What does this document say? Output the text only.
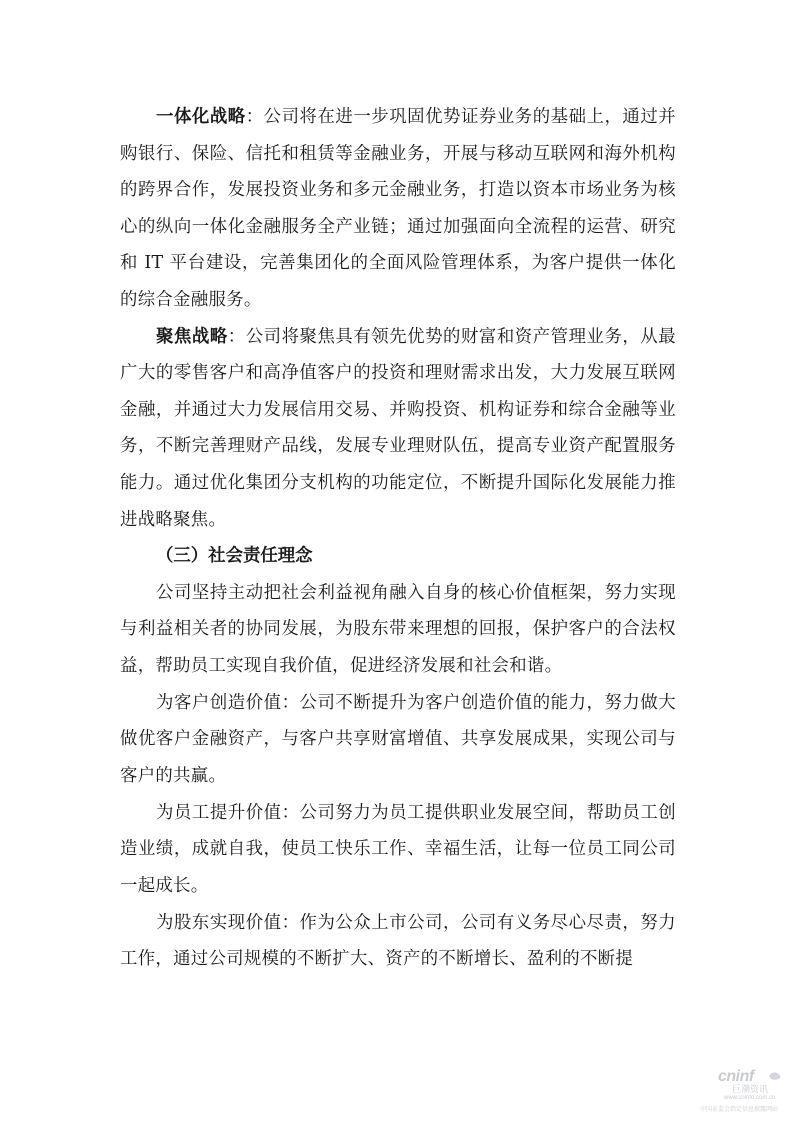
一体化战略：公司将在进一步巩固优势证券业务的基础上，通过并购银行、保险、信托和租赁等金融业务，开展与移动互联网和海外机构的跨界合作，发展投资业务和多元金融业务，打造以资本市场业务为核心的纵向一体化金融服务全产业链；通过加强面向全流程的运营、研究和 IT 平台建设，完善集团化的全面风险管理体系，为客户提供一体化的综合金融服务。

聚焦战略：公司将聚焦具有领先优势的财富和资产管理业务，从最广大的零售客户和高净值客户的投资和理财需求出发，大力发展互联网金融，并通过大力发展信用交易、并购投资、机构证券和综合金融等业务，不断完善理财产品线，发展专业理财队伍，提高专业资产配置服务能力。通过优化集团分支机构的功能定位，不断提升国际化发展能力推进战略聚焦。

（三）社会责任理念

公司坚持主动把社会利益视角融入自身的核心价值框架，努力实现与利益相关者的协同发展，为股东带来理想的回报，保护客户的合法权益，帮助员工实现自我价值，促进经济发展和社会和谐。

为客户创造价值：公司不断提升为客户创造价值的能力，努力做大做优客户金融资产，与客户共享财富增值、共享发展成果，实现公司与客户的共赢。

为员工提升价值：公司努力为员工提供职业发展空间，帮助员工创造业绩，成就自我，使员工快乐工作、幸福生活，让每一位员工同公司一起成长。

为股东实现价值：作为公众上市公司，公司有义务尽心尽责，努力工作，通过公司规模的不断扩大、资产的不断增长、盈利的不断提

cninf
巨潮资讯
www.cninfo.com.cn
中国证监会指定信息披露网站
